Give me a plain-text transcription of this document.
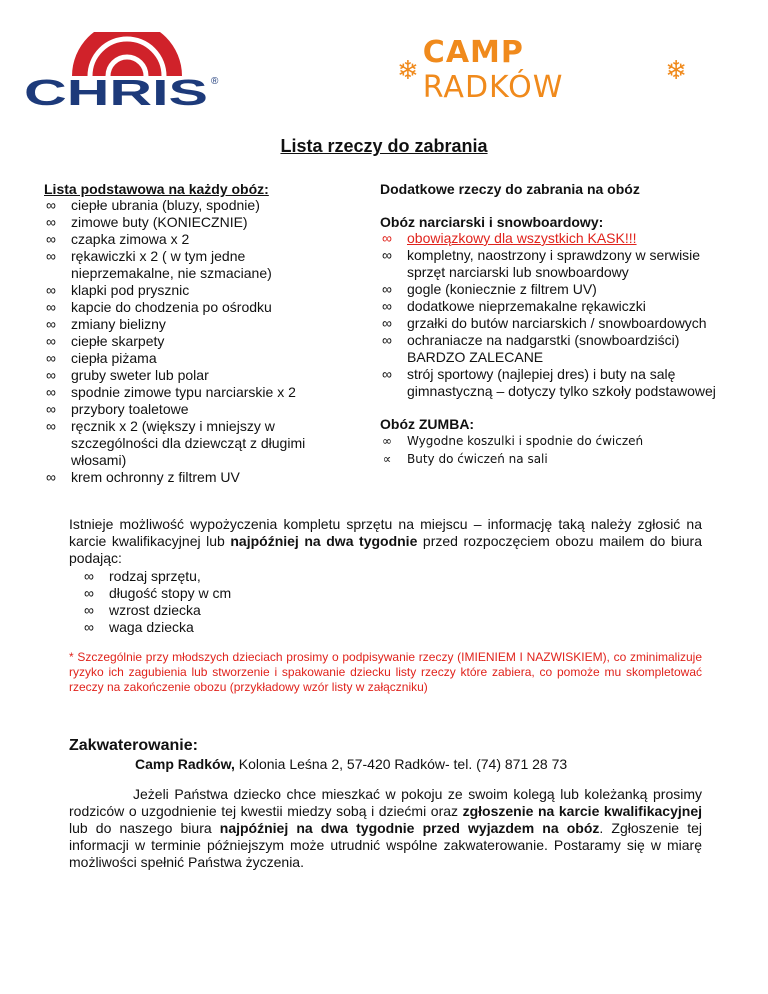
CHRIS ®	❄ CAMP RADKÓW	❄
Lista rzeczy do zabrania
Lista podstawowa na każdy obóz:
∞ ciepłe ubrania (bluzy, spodnie)
∞ zimowe buty (KONIECZNIE)
∞ czapka zimowa x 2
∞ rękawiczki x 2 ( w tym jedne nieprzemakalne, nie szmaciane)
∞ klapki pod prysznic
∞ kapcie do chodzenia po ośrodku
∞ zmiany bielizny
∞ ciepłe skarpety
∞ ciepła piżama
∞ gruby sweter lub polar
∞ spodnie zimowe typu narciarskie x 2
∞ przybory toaletowe
∞ ręcznik x 2 (większy i mniejszy w szczególności dla dziewcząt z długimi włosami)
∞ krem ochronny z filtrem UV
Dodatkowe rzeczy do zabrania na obóz
Obóz narciarski i snowboardowy:
∞ obowiązkowy dla wszystkich KASK!!!
∞ kompletny, naostrzony i sprawdzony w serwisie sprzęt narciarski lub snowboardowy
∞ gogle (koniecznie z filtrem UV)
∞ dodatkowe nieprzemakalne rękawiczki
∞ grzałki do butów narciarskich / snowboardowych
∞ ochraniacze na nadgarstki (snowboardziści) BARDZO ZALECANE
∞ strój sportowy (najlepiej dres) i buty na salę gimnastyczną – dotyczy tylko szkoły podstawowej
Obóz ZUMBA:
∞ Wygodne koszulki i spodnie do ćwiczeń
∝ Buty do ćwiczeń na sali
Istnieje możliwość wypożyczenia kompletu sprzętu na miejscu – informację taką należy zgłosić na karcie kwalifikacyjnej lub najpóźniej na dwa tygodnie przed rozpoczęciem obozu mailem do biura podając:
∞ rodzaj sprzętu,
∞ długość stopy w cm
∞ wzrost dziecka
∞ waga dziecka
* Szczególnie przy młodszych dzieciach prosimy o podpisywanie rzeczy (IMIENIEM I NAZWISKIEM), co zminimalizuje ryzyko ich zagubienia lub stworzenie i spakowanie dziecku listy rzeczy które zabiera, co pomoże mu skompletować rzeczy na zakończenie obozu (przykładowy wzór listy w załączniku)
Zakwaterowanie:
Camp Radków, Kolonia Leśna 2, 57-420 Radków- tel. (74) 871 28 73
Jeżeli Państwa dziecko chce mieszkać w pokoju ze swoim kolegą lub koleżanką prosimy rodziców o uzgodnienie tej kwestii miedzy sobą i dziećmi oraz zgłoszenie na karcie kwalifikacyjnej lub do naszego biura najpóźniej na dwa tygodnie przed wyjazdem na obóz. Zgłoszenie tej informacji w terminie późniejszym może utrudnić wspólne zakwaterowanie. Postaramy się w miarę możliwości spełnić Państwa życzenia.
